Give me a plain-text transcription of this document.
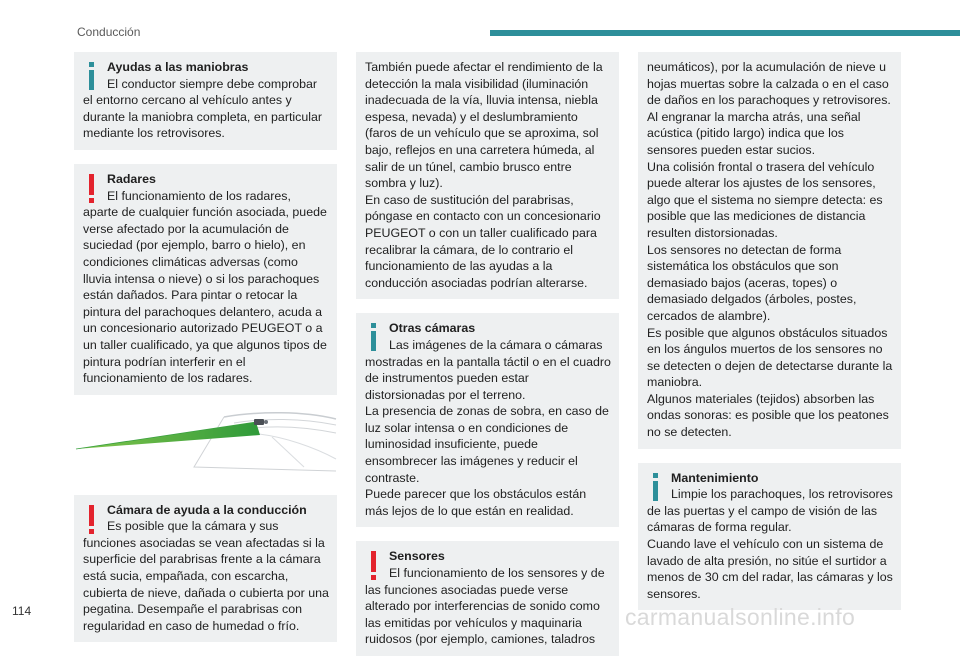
Conducción
Ayudas a las maniobras
El conductor siempre debe comprobar el entorno cercano al vehículo antes y durante la maniobra completa, en particular mediante los retrovisores.
Radares
El funcionamiento de los radares, aparte de cualquier función asociada, puede verse afectado por la acumulación de suciedad (por ejemplo, barro o hielo), en condiciones climáticas adversas (como lluvia intensa o nieve) o si los parachoques están dañados. Para pintar o retocar la pintura del parachoques delantero, acuda a un concesionario autorizado PEUGEOT o a un taller cualificado, ya que algunos tipos de pintura podrían interferir en el funcionamiento de los radares.
Cámara de ayuda a la conducción
Es posible que la cámara y sus funciones asociadas se vean afectadas si la superficie del parabrisas frente a la cámara está sucia, empañada, con escarcha, cubierta de nieve, dañada o cubierta por una pegatina. Desempañe el parabrisas con regularidad en caso de humedad o frío.

También puede afectar el rendimiento de la detección la mala visibilidad (iluminación inadecuada de la vía, lluvia intensa, niebla espesa, nevada) y el deslumbramiento (faros de un vehículo que se aproxima, sol bajo, reflejos en una carretera húmeda, al salir de un túnel, cambio brusco entre sombra y luz).

En caso de sustitución del parabrisas, póngase en contacto con un concesionario PEUGEOT o con un taller cualificado para recalibrar la cámara, de lo contrario el funcionamiento de las ayudas a la conducción asociadas podrían alterarse.

Otras cámaras

Las imágenes de la cámara o cámaras mostradas en la pantalla táctil o en el cuadro de instrumentos pueden estar distorsionadas por el terreno.

La presencia de zonas de sobra, en caso de luz solar intensa o en condiciones de luminosidad insuficiente, puede ensombrecer las imágenes y reducir el contraste.

Puede parecer que los obstáculos están más lejos de lo que están en realidad.

Sensores
El funcionamiento de los sensores y de las funciones asociadas puede verse alterado por interferencias de sonido como las emitidas por vehículos y maquinaria ruidosos (por ejemplo, camiones, taladros

neumáticos), por la acumulación de nieve u hojas muertas sobre la calzada o en el caso de daños en los parachoques y retrovisores.

Al engranar la marcha atrás, una señal acústica (pitido largo) indica que los sensores pueden estar sucios.

Una colisión frontal o trasera del vehículo puede alterar los ajustes de los sensores, algo que el sistema no siempre detecta: es posible que las mediciones de distancia resulten distorsionadas.

Los sensores no detectan de forma sistemática los obstáculos que son demasiado bajos (aceras, topes) o demasiado delgados (árboles, postes, cercados de alambre).

Es posible que algunos obstáculos situados en los ángulos muertos de los sensores no se detecten o dejen de detectarse durante la maniobra.

Algunos materiales (tejidos) absorben las ondas sonoras: es posible que los peatones no se detecten.

Mantenimiento

Limpie los parachoques, los retrovisores de las puertas y el campo de visión de las cámaras de forma regular.

Cuando lave el vehículo con un sistema de lavado de alta presión, no sitúe el surtidor a menos de 30 cm del radar, las cámaras y los sensores.

114	carmanualsonline.info
